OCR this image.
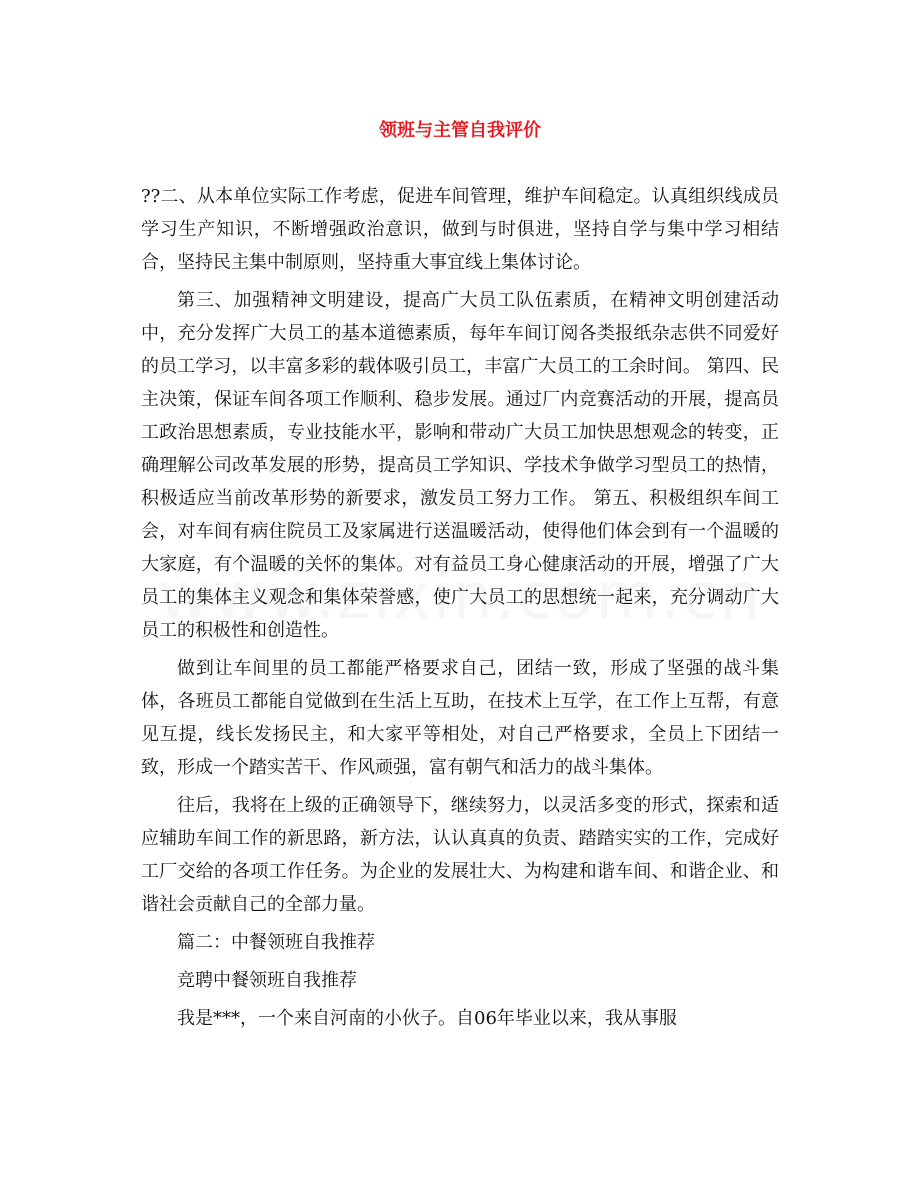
领班与主管自我评价

??二、从本单位实际工作考虑，促进车间管理，维护车间稳定。认真组织线成员学习生产知识，不断增强政治意识，做到与时俱进，坚持自学与集中学习相结合，坚持民主集中制原则，坚持重大事宜线上集体讨论。

第三、加强精神文明建设，提高广大员工队伍素质，在精神文明创建活动中，充分发挥广大员工的基本道德素质，每年车间订阅各类报纸杂志供不同爱好的员工学习，以丰富多彩的载体吸引员工，丰富广大员工的工余时间。 第四、民主决策，保证车间各项工作顺利、稳步发展。通过厂内竞赛活动的开展，提高员工政治思想素质，专业技能水平，影响和带动广大员工加快思想观念的转变，正确理解公司改革发展的形势，提高员工学知识、学技术争做学习型员工的热情，积极适应当前改革形势的新要求，激发员工努力工作。 第五、积极组织车间工会，对车间有病住院员工及家属进行送温暖活动，使得他们体会到有一个温暖的大家庭，有个温暖的关怀的集体。对有益员工身心健康活动的开展，增强了广大员工的集体主义观念和集体荣誉感，使广大员工的思想统一起来，充分调动广大员工的积极性和创造性。

做到让车间里的员工都能严格要求自己，团结一致，形成了坚强的战斗集体，各班员工都能自觉做到在生活上互助，在技术上互学，在工作上互帮，有意见互提，线长发扬民主，和大家平等相处，对自己严格要求，全员上下团结一致，形成一个踏实苦干、作风顽强，富有朝气和活力的战斗集体。

往后，我将在上级的正确领导下，继续努力，以灵活多变的形式，探索和适应辅助车间工作的新思路，新方法，认认真真的负责、踏踏实实的工作，完成好工厂交给的各项工作任务。为企业的发展壮大、为构建和谐车间、和谐企业、和谐社会贡献自己的全部力量。

篇二：中餐领班自我推荐

竞聘中餐领班自我推荐

我是***，一个来自河南的小伙子。自06年毕业以来，我从事服
